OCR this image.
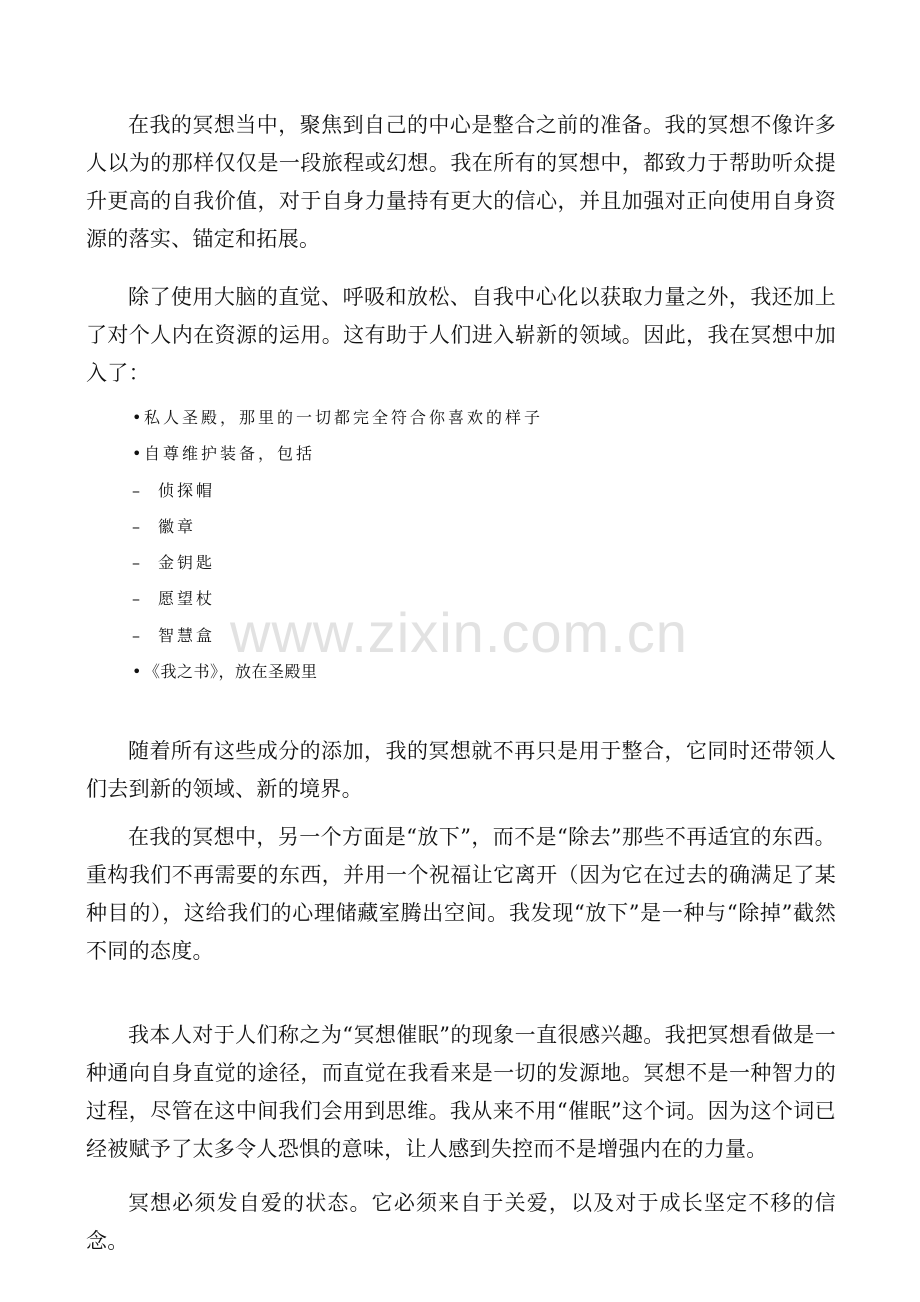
在我的冥想当中，聚焦到自己的中心是整合之前的准备。我的冥想不像许多人以为的那样仅仅是一段旅程或幻想。我在所有的冥想中，都致力于帮助听众提升更高的自我价值，对于自身力量持有更大的信心，并且加强对正向使用自身资源的落实、锚定和拓展。

除了使用大脑的直觉、呼吸和放松、自我中心化以获取力量之外，我还加上了对个人内在资源的运用。这有助于人们进入崭新的领域。因此，我在冥想中加入了：

•私人圣殿，那里的一切都完全符合你喜欢的样子
•自尊维护装备，包括
– 侦探帽
– 徽章
– 金钥匙
– 愿望杖
– 智慧盒
• 《我之书》，放在圣殿里

随着所有这些成分的添加，我的冥想就不再只是用于整合，它同时还带领人们去到新的领域、新的境界。

在我的冥想中，另一个方面是“放下”，而不是“除去”那些不再适宜的东西。重构我们不再需要的东西，并用一个祝福让它离开（因为它在过去的确满足了某种目的），这给我们的心理储藏室腾出空间。我发现“放下”是一种与“除掉”截然不同的态度。

我本人对于人们称之为“冥想催眠”的现象一直很感兴趣。我把冥想看做是一种通向自身直觉的途径，而直觉在我看来是一切的发源地。冥想不是一种智力的过程，尽管在这中间我们会用到思维。我从来不用“催眠”这个词。因为这个词已经被赋予了太多令人恐惧的意味，让人感到失控而不是增强内在的力量。

冥想必须发自爱的状态。它必须来自于关爱，以及对于成长坚定不移的信念。

www.zixin.com.cn
